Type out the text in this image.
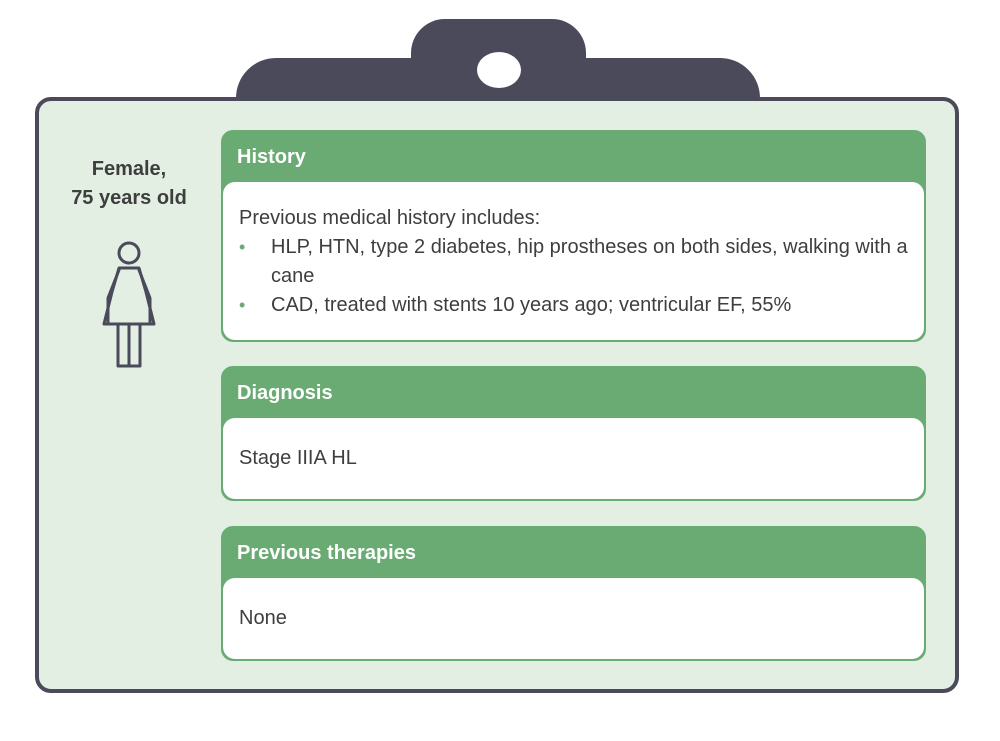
Female,
75 years old

History

Previous medical history includes:

•	HLP, HTN, type 2 diabetes, hip prostheses on both sides, walking with a cane
•	CAD, treated with stents 10 years ago; ventricular EF, 55%
Diagnosis
Stage IIIA HL
Previous therapies
None
